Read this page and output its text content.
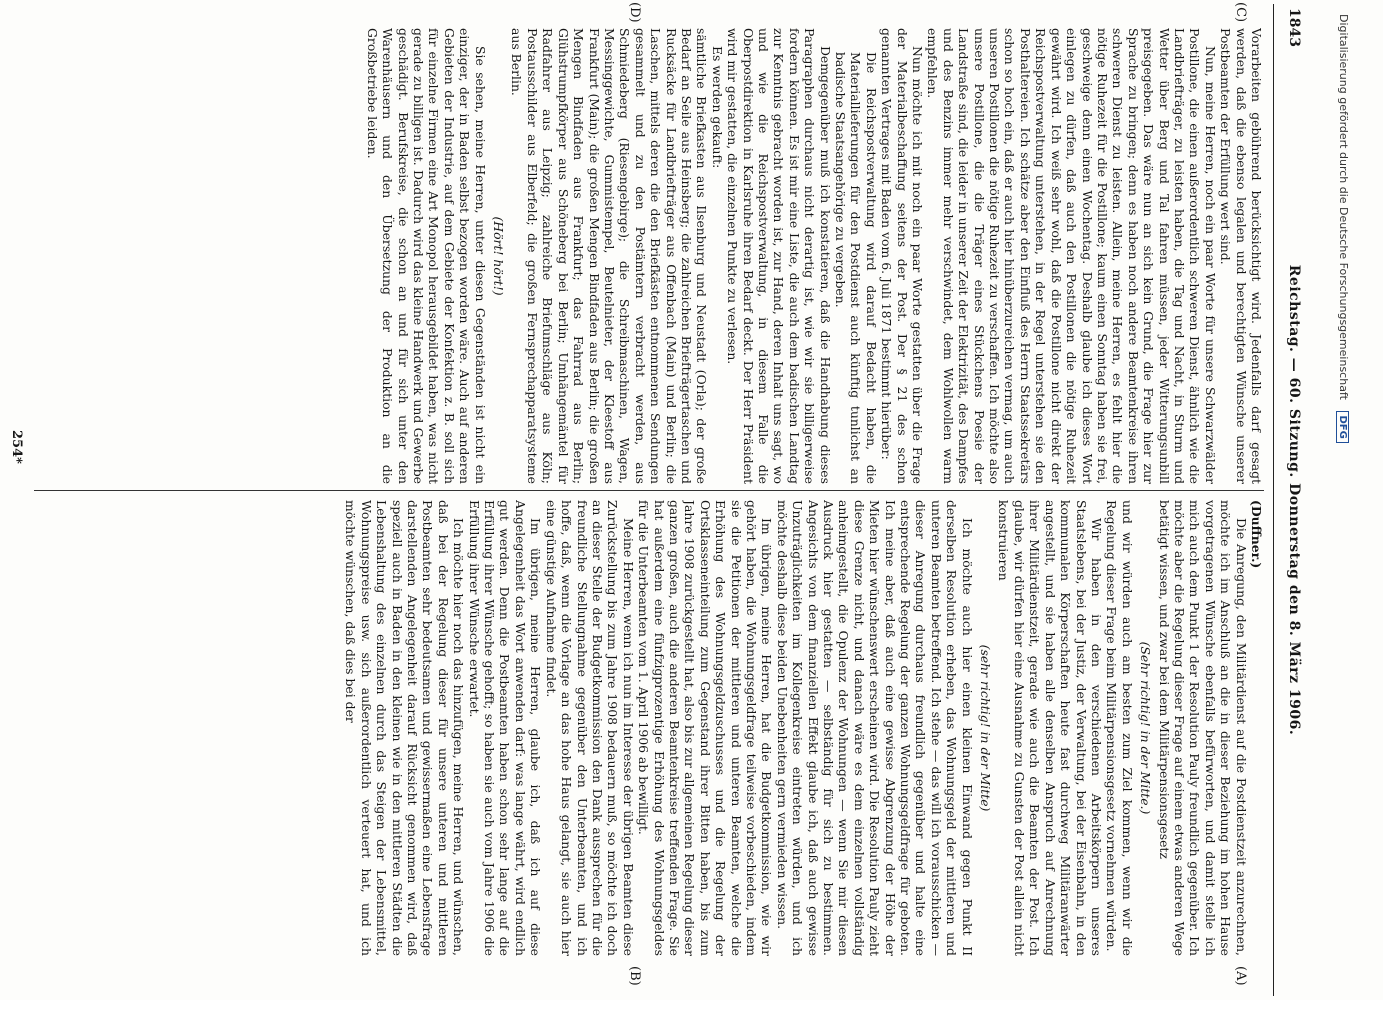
1843
Reichstag. — 60. Sitzung. Donnerstag den 8. März 1906.
(C)
(D)
(A)
(B)

Vorarbeiten gebührend berücksichtigt wird. Jedenfalls darf gesagt werden, daß die ebenso legalen und berechtigten Wünsche unserer Postbeamten der Erfüllung wert sind.

Nun, meine Herren, noch ein paar Worte für unsere Schwarzwälder Postillone, die einen außerordentlich schweren Dienst, ähnlich wie die Landbriefträger, zu leisten haben, die Tag und Nacht, in Sturm und Wetter über Berg und Tal fahren müssen, jeder Witterungsunbill preisgegeben. Das wäre nun an sich kein Grund, die Frage hier zur Sprache zu bringen; denn es haben noch andere Beamtenkreise ihren schweren Dienst zu leisten. Allein, meine Herren, es fehlt hier die nötige Ruhezeit für die Postillone; kaum einen Sonntag haben sie frei, geschweige denn einen Wochentag. Deshalb glaube ich dieses Wort einlegen zu dürfen, daß auch den Postillonen die nötige Ruhezeit gewährt wird. Ich weiß sehr wohl, daß die Postillone nicht direkt der Reichspostverwaltung unterstehen, in der Regel unterstehen sie den Posthaltereien. Ich schätze aber den Einfluß des Herrn Staatssekretärs schon so hoch ein, daß er auch hier hinüberzureichen vermag, um auch unseren Postillonen die nötige Ruhezeit zu verschaffen. Ich möchte also unsere Postillone, die die Träger eines Stückchens Poesie der Landstraße sind, die leider in unserer Zeit der Elektrizität, des Dampfes und des Benzins immer mehr verschwindet, dem Wohlwollen warm empfehlen.

Nun möchte ich mit noch ein paar Worte gestatten über die Frage der Materialbeschaffung seitens der Post. Der § 21 des schon genannten Vertrages mit Baden vom 6. Juli 1871 bestimmt hierüber:

Die Reichspostverwaltung wird darauf Bedacht haben, die Materiallieferungen für den Postdienst auch künftig tunlichst an badische Staatsangehörige zu vergeben.

Demgegenüber muß ich konstatieren, daß die Handhabung dieses Paragraphen durchaus nicht derartig ist, wie wir sie billigerweise fordern können. Es ist mir eine Liste, die auch dem badischen Landtag zur Kenntnis gebracht worden ist, zur Hand, deren Inhalt uns sagt, wo und wie die Reichspostverwaltung, in diesem Falle die Oberpostdirektion in Karlsruhe ihren Bedarf deckt. Der Herr Präsident wird mir gestatten, die einzelnen Punkte zu verlesen.

Es werden gekauft:

sämtliche Briefkasten aus Ilsenburg und Neustadt (Orla); der große Bedarf an Seile aus Heinsberg; die zahlreichen Briefträgertaschen und Rucksäcke für Landbriefträger aus Offenbach (Main) und Berlin; die Laschen, mittels deren die den Briefkästen entnommenen Sendungen gesammelt und zu den Postämtern verbracht werden, aus Schmiedeberg (Riesengebirge); die Schreibmaschinen, Wagen, Messinggewichte, Gummistempel, Beutelnieter, der Kleestoff aus Frankfurt (Main); die großen Mengen Bindfaden aus Berlin; die großen Mengen Bindfaden aus Frankfurt; das Fahrrad aus Berlin; Glühstrumpfkörper aus Schöneberg bei Berlin; Umhängemäntel für Radfahrer aus Leipzig; zahlreiche Briefumschläge aus Köln; Postausschilder aus Elberfeld; die großen Fernsprechapparatsysteme aus Berlin.

(Hört! hört!)

Sie sehen, meine Herren, unter diesen Gegenständen ist nicht ein einziger, der in Baden selbst bezogen worden wäre. Auch auf anderen Gebieten der Industrie, auf dem Gebiete der Konfektion z. B. soll sich für einzelne Firmen eine Art Monopol herausgebildet haben, was nicht gerade zu billigen ist. Dadurch wird das kleine Handwerk und Gewerbe geschädigt. Berufskreise, die schon an und für sich unter den Warenhäusern und den Übersetzung der Produktion an die Großbetriebe leiden.

(Duffner.)

Die Anregung, den Militärdienst auf die Postdienstzeit anzurechnen, möchte ich im Anschluß an die in dieser Beziehung im hohen Hause vorgetragenen Wünsche ebenfalls befürworten, und damit stelle ich mich auch dem Punkt 1 der Resolution Pauly freundlich gegenüber. Ich möchte aber die Regelung dieser Frage auf einem etwas anderen Wege betätigt wissen, und zwar bei dem Militärpensionsgesetz

(Sehr richtig! in der Mitte.)

und wir würden auch am besten zum Ziel kommen, wenn wir die Regelung dieser Frage beim Militärpensionsgesetz vornehmen würden.

Wir haben in den verschiedenen Arbeitskörpern unseres Staatslebens, bei der Justiz, der Verwaltung, bei der Eisenbahn, in den kommunalen Körperschaften heute fast durchweg Militäranwärter angestellt, und sie haben alle denselben Anspruch auf Anrechnung ihrer Militärdienstzeit, gerade wie auch die Beamten der Post. Ich glaube, wir dürfen hier eine Ausnahme zu Gunsten der Post allein nicht konstruieren

(sehr richtig! in der Mitte)

Ich möchte auch hier einen kleinen Einwand gegen Punkt II derselben Resolution erheben, das Wohnungsgeld der mittleren und unteren Beamten betreffend. Ich stehe — das will ich vorausschicken — dieser Anregung durchaus freundlich gegenüber und halte eine entsprechende Regelung der ganzen Wohnungsgeldfrage für geboten. Ich meine aber, daß auch eine gewisse Abgrenzung der Höhe der Mieten hier wünschenswert erscheinen wird. Die Resolution Pauly zieht diese Grenze nicht, und danach wäre es dem einzelnen vollständig anheimgestellt, die Opulenz der Wohnungen — wenn Sie mir diesen Ausdruck hier gestatten — selbständig für sich zu bestimmen. Angesichts von dem finanziellen Effekt glaube ich, daß auch gewisse Unzuträglichkeiten im Kollegenkreise eintreten würden, und ich möchte deshalb diese beiden Unebenheiten gern vermieden wissen.

Im übrigen, meine Herren, hat die Budgetkommission, wie wir gehört haben, die Wohnungsgeldfrage teilweise vorbeschieden, indem sie die Petitionen der mittleren und unteren Beamten, welche die Erhöhung des Wohnungsgeldzuschusses und die Regelung der Ortsklasseneinteilung zum Gegenstand ihrer Bitten haben, bis zum Jahre 1908 zurückgestellt hat, also bis zur allgemeinen Regelung dieser ganzen großen, auch die anderen Beamtenkreise treffenden Frage. Sie hat außerdem eine fünfzigprozentige Erhöhung des Wohnungsgeldes für die Unterbeamten vom 1. April 1906 ab bewilligt.

Meine Herren, wenn ich nun im Interesse der übrigen Beamten diese Zurückstellung bis zum Jahre 1908 bedauern muß, so möchte ich doch an dieser Stelle der Budgetkommission den Dank aussprechen für die freundliche Stellungnahme gegenüber den Unterbeamten, und ich hoffe, daß, wenn die Vorlage an das hohe Haus gelangt, sie auch hier eine günstige Aufnahme findet.

Im übrigen, meine Herren, glaube ich, daß ich auf diese Angelegenheit das Wort anwenden darf: was lange währt, wird endlich gut werden. Denn die Postbeamten haben schon sehr lange auf die Erfüllung ihrer Wünsche gehofft; so haben sie auch vom Jahre 1906 die Erfüllung ihrer Wünsche erwartet.

Ich möchte hier noch das hinzufügen, meine Herren, und wünschen, daß bei der Regelung dieser für unsere unteren und mittleren Postbeamten sehr bedeutsamen und gewissermaßen eine Lebensfrage darstellenden Angelegenheit darauf Rücksicht genommen wird, daß speziell auch in Baden in den kleinen wie in den mittleren Städten die Lebenshaltung des einzelnen durch das Steigen der Lebensmittel, Wohnungspreise usw. sich außerordentlich verteuert hat, und ich möchte wünschen, daß dies bei der

254*
Digitalisierung gefördert durch die Deutsche Forschungsgemeinschaft DFG
